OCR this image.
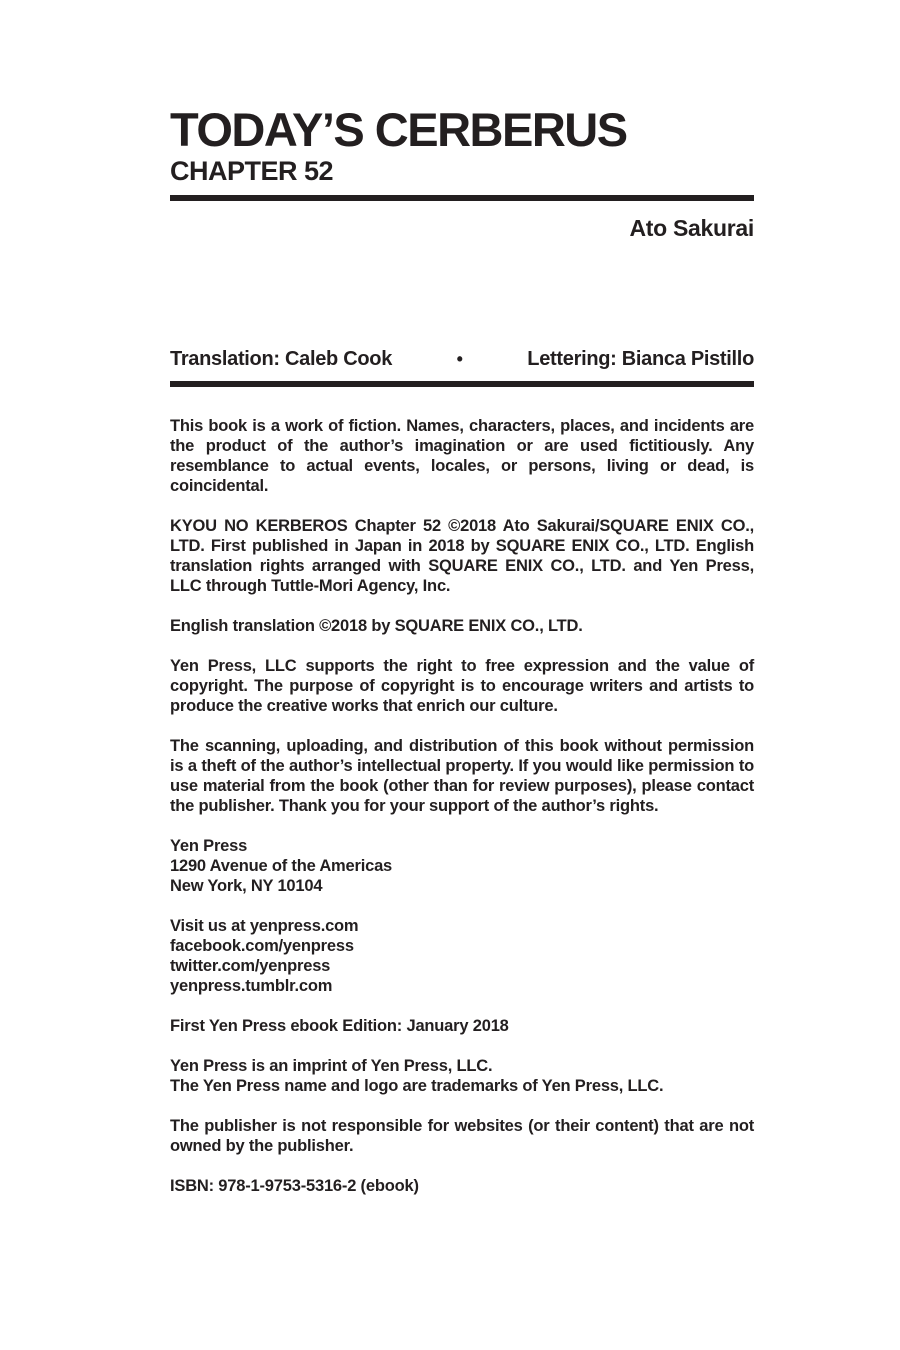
TODAY’S CERBERUS
CHAPTER 52
Ato Sakurai
Translation: Caleb Cook	•	Lettering: Bianca Pistillo

This book is a work of fiction. Names, characters, places, and incidents are the product of the author’s imagination or are used fictitiously. Any resemblance to actual events, locales, or persons, living or dead, is coincidental.

KYOU NO KERBEROS Chapter 52 ©2018 Ato Sakurai/SQUARE ENIX CO., LTD. First published in Japan in 2018 by SQUARE ENIX CO., LTD. English translation rights arranged with SQUARE ENIX CO., LTD. and Yen Press, LLC through Tuttle-Mori Agency, Inc.

English translation ©2018 by SQUARE ENIX CO., LTD.

Yen Press, LLC supports the right to free expression and the value of copyright. The purpose of copyright is to encourage writers and artists to produce the creative works that enrich our culture.

The scanning, uploading, and distribution of this book without permission is a theft of the author’s intellectual property. If you would like permission to use material from the book (other than for review purposes), please contact the publisher. Thank you for your support of the author’s rights.

Yen Press
1290 Avenue of the Americas
New York, NY 10104

Visit us at yenpress.com
facebook.com/yenpress
twitter.com/yenpress
yenpress.tumblr.com

First Yen Press ebook Edition: January 2018

Yen Press is an imprint of Yen Press, LLC.
The Yen Press name and logo are trademarks of Yen Press, LLC.

The publisher is not responsible for websites (or their content) that are not owned by the publisher.

ISBN: 978-1-9753-5316-2 (ebook)
